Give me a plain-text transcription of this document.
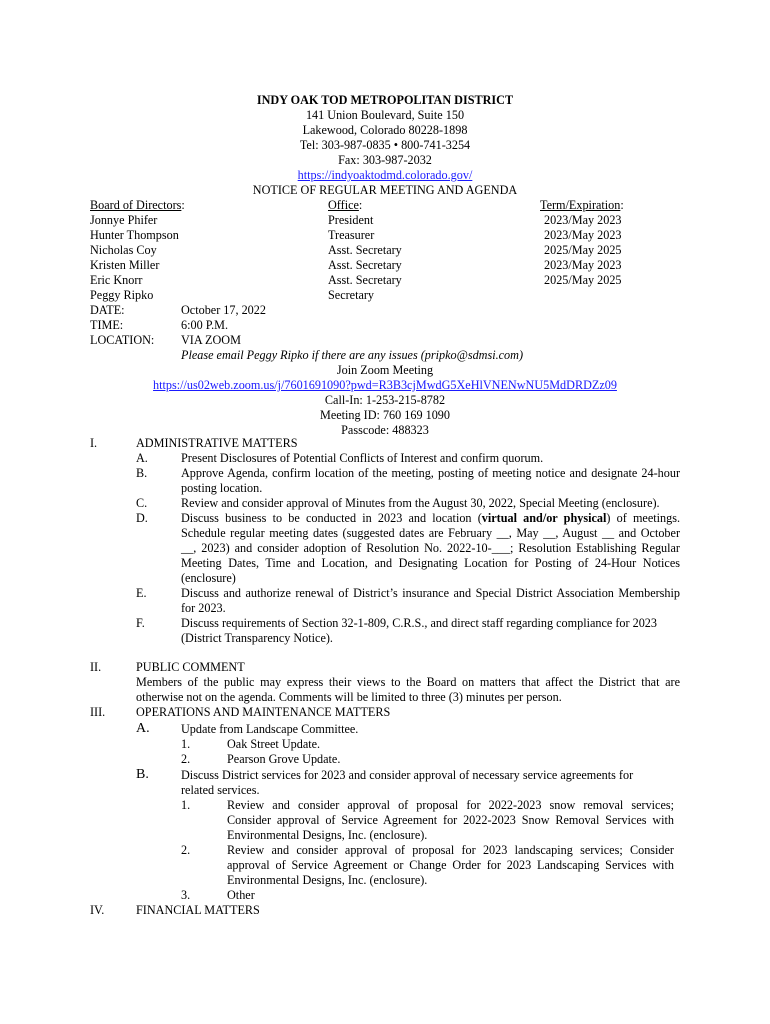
INDY OAK TOD METROPOLITAN DISTRICT
141 Union Boulevard, Suite 150
Lakewood, Colorado 80228-1898
Tel: 303-987-0835 • 800-741-3254
Fax: 303-987-2032
https://indyoaktodmd.colorado.gov/
NOTICE OF REGULAR MEETING AND AGENDA
Board of Directors:	Office:	Term/Expiration:
Jonnye Phifer	President	2023/May 2023
Hunter Thompson	Treasurer	2023/May 2023
Nicholas Coy	Asst. Secretary	2025/May 2025
Kristen Miller	Asst. Secretary	2023/May 2023
Eric Knorr	Asst. Secretary	2025/May 2025
Peggy Ripko	Secretary
DATE:	October 17, 2022
TIME:	6:00 P.M.
LOCATION: VIA ZOOM
Please email Peggy Ripko if there are any issues (pripko@sdmsi.com)
Join Zoom Meeting
https://us02web.zoom.us/j/7601691090?pwd=R3B3cjMwdG5XeHlVNENwNU5MdDRDZz09
Call-In: 1-253-215-8782
Meeting ID: 760 169 1090
Passcode: 488323
I.	ADMINISTRATIVE MATTERS
A.	Present Disclosures of Potential Conflicts of Interest and confirm quorum.
B.	Approve Agenda, confirm location of the meeting, posting of meeting notice and designate 24-hour
posting location.
C.	Review and consider approval of Minutes from the August 30, 2022, Special Meeting (enclosure).
D.	Discuss business to be conducted in 2023 and location (virtual and/or physical) of meetings.
Schedule regular meeting dates (suggested dates are February __, May __, August __ and October
__, 2023) and consider adoption of Resolution No. 2022-10-___; Resolution Establishing Regular
Meeting Dates, Time and Location, and Designating Location for Posting of 24-Hour Notices
(enclosure)
E.	Discuss and authorize renewal of District’s insurance and Special District Association Membership
for 2023.
F.	Discuss requirements of Section 32-1-809, C.R.S., and direct staff regarding compliance for 2023
(District Transparency Notice).
II.	PUBLIC COMMENT
Members of the public may express their views to the Board on matters that affect the District that are
otherwise not on the agenda. Comments will be limited to three (3) minutes per person.
III.	OPERATIONS AND MAINTENANCE MATTERS
A.	Update from Landscape Committee.
1.	Oak Street Update.
2.	Pearson Grove Update.
B.	Discuss District services for 2023 and consider approval of necessary service agreements for
related services.
1.	Review and consider approval of proposal for 2022-2023 snow removal services;
Consider approval of Service Agreement for 2022-2023 Snow Removal Services with
Environmental Designs, Inc. (enclosure).
2.	Review and consider approval of proposal for 2023 landscaping services; Consider
approval of Service Agreement or Change Order for 2023 Landscaping Services with
Environmental Designs, Inc. (enclosure).
3.	Other
IV.	FINANCIAL MATTERS
